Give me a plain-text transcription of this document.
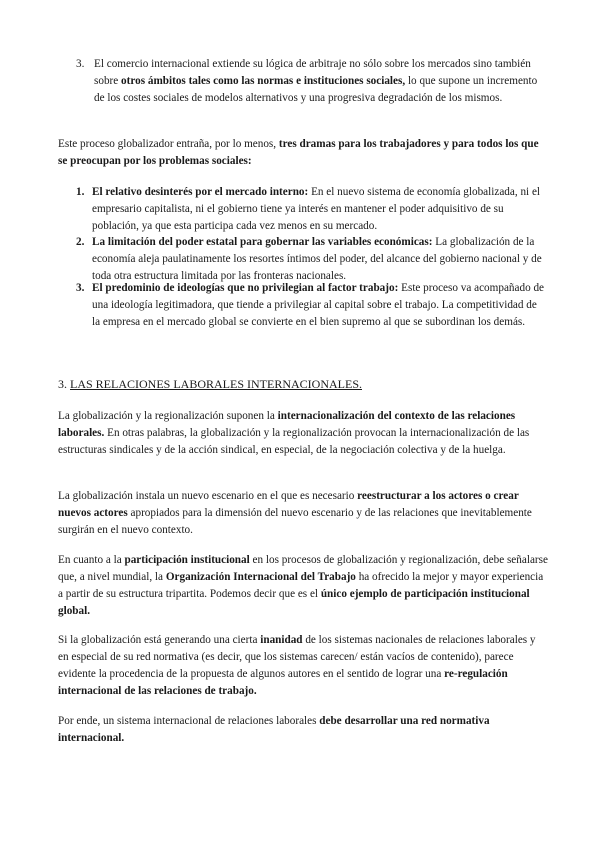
3. El comercio internacional extiende su lógica de arbitraje no sólo sobre los mercados sino también sobre otros ámbitos tales como las normas e instituciones sociales, lo que supone un incremento de los costes sociales de modelos alternativos y una progresiva degradación de los mismos.

Este proceso globalizador entraña, por lo menos, tres dramas para los trabajadores y para todos los que se preocupan por los problemas sociales:

1. El relativo desinterés por el mercado interno: En el nuevo sistema de economía globalizada, ni el empresario capitalista, ni el gobierno tiene ya interés en mantener el poder adquisitivo de su población, ya que esta participa cada vez menos en su mercado.

2. La limitación del poder estatal para gobernar las variables económicas: La globalización de la economía aleja paulatinamente los resortes íntimos del poder, del alcance del gobierno nacional y de toda otra estructura limitada por las fronteras nacionales.

3. El predominio de ideologías que no privilegian al factor trabajo: Este proceso va acompañado de una ideología legitimadora, que tiende a privilegiar al capital sobre el trabajo. La competitividad de la empresa en el mercado global se convierte en el bien supremo al que se subordinan los demás.

3. LAS RELACIONES LABORALES INTERNACIONALES.

La globalización y la regionalización suponen la internacionalización del contexto de las relaciones laborales. En otras palabras, la globalización y la regionalización provocan la internacionalización de las estructuras sindicales y de la acción sindical, en especial, de la negociación colectiva y de la huelga.

La globalización instala un nuevo escenario en el que es necesario reestructurar a los actores o crear nuevos actores apropiados para la dimensión del nuevo escenario y de las relaciones que inevitablemente surgirán en el nuevo contexto.

En cuanto a la participación institucional en los procesos de globalización y regionalización, debe señalarse que, a nivel mundial, la Organización Internacional del Trabajo ha ofrecido la mejor y mayor experiencia a partir de su estructura tripartita. Podemos decir que es el único ejemplo de participación institucional global.

Si la globalización está generando una cierta inanidad de los sistemas nacionales de relaciones laborales y en especial de su red normativa (es decir, que los sistemas carecen/ están vacíos de contenido), parece evidente la procedencia de la propuesta de algunos autores en el sentido de lograr una re-regulación internacional de las relaciones de trabajo.

Por ende, un sistema internacional de relaciones laborales debe desarrollar una red normativa internacional.
